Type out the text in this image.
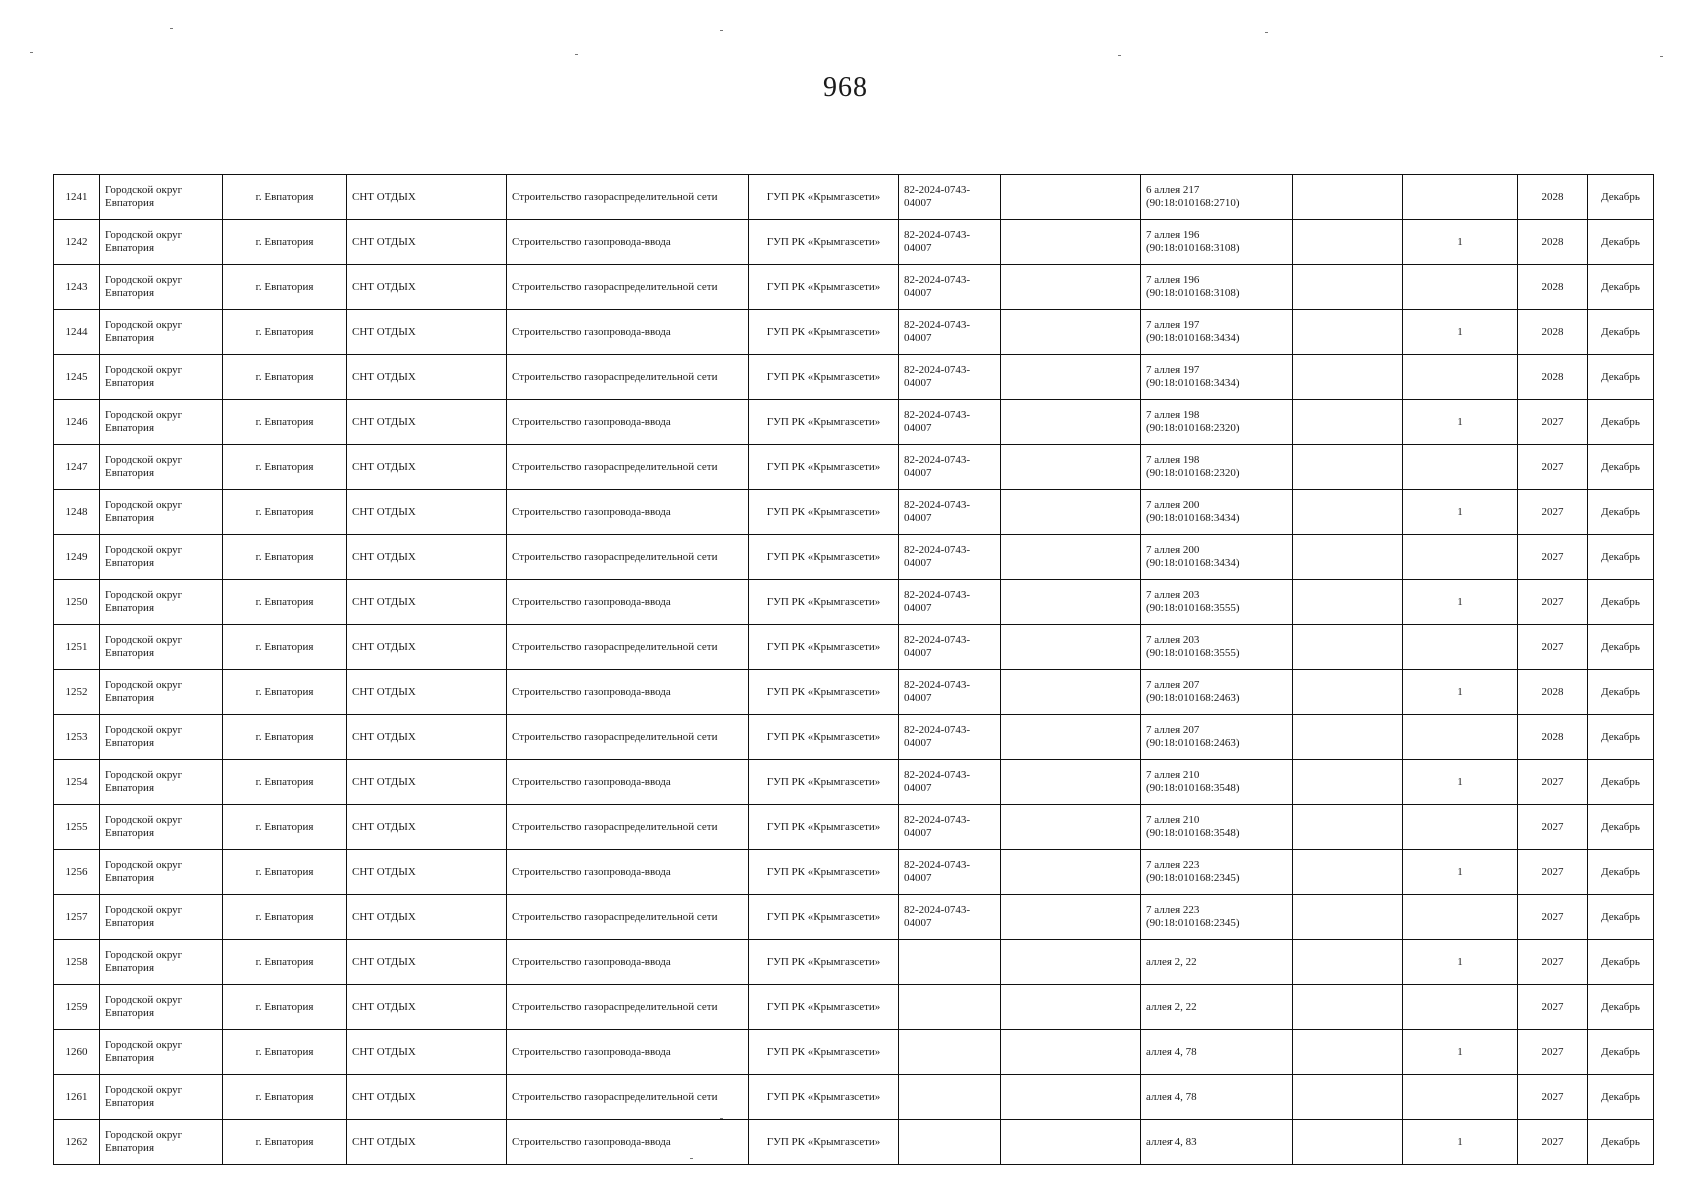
968
1241	Городской округ Евпатория	г. Евпатория	СНТ ОТДЫХ	Строительство газораспределительной сети	ГУП РК «Крымгазсети»	82-2024-0743-04007		6 аллея 217 (90:18:010168:2710)			2028	Декабрь
1242	Городской округ Евпатория	г. Евпатория	СНТ ОТДЫХ	Строительство газопровода-ввода	ГУП РК «Крымгазсети»	82-2024-0743-04007		7 аллея 196 (90:18:010168:3108)		1	2028	Декабрь
1243	Городской округ Евпатория	г. Евпатория	СНТ ОТДЫХ	Строительство газораспределительной сети	ГУП РК «Крымгазсети»	82-2024-0743-04007		7 аллея 196 (90:18:010168:3108)			2028	Декабрь
1244	Городской округ Евпатория	г. Евпатория	СНТ ОТДЫХ	Строительство газопровода-ввода	ГУП РК «Крымгазсети»	82-2024-0743-04007		7 аллея 197 (90:18:010168:3434)		1	2028	Декабрь
1245	Городской округ Евпатория	г. Евпатория	СНТ ОТДЫХ	Строительство газораспределительной сети	ГУП РК «Крымгазсети»	82-2024-0743-04007		7 аллея 197 (90:18:010168:3434)			2028	Декабрь
1246	Городской округ Евпатория	г. Евпатория	СНТ ОТДЫХ	Строительство газопровода-ввода	ГУП РК «Крымгазсети»	82-2024-0743-04007		7 аллея 198 (90:18:010168:2320)		1	2027	Декабрь
1247	Городской округ Евпатория	г. Евпатория	СНТ ОТДЫХ	Строительство газораспределительной сети	ГУП РК «Крымгазсети»	82-2024-0743-04007		7 аллея 198 (90:18:010168:2320)			2027	Декабрь
1248	Городской округ Евпатория	г. Евпатория	СНТ ОТДЫХ	Строительство газопровода-ввода	ГУП РК «Крымгазсети»	82-2024-0743-04007		7 аллея 200 (90:18:010168:3434)		1	2027	Декабрь
1249	Городской округ Евпатория	г. Евпатория	СНТ ОТДЫХ	Строительство газораспределительной сети	ГУП РК «Крымгазсети»	82-2024-0743-04007		7 аллея 200 (90:18:010168:3434)			2027	Декабрь
1250	Городской округ Евпатория	г. Евпатория	СНТ ОТДЫХ	Строительство газопровода-ввода	ГУП РК «Крымгазсети»	82-2024-0743-04007		7 аллея 203 (90:18:010168:3555)		1	2027	Декабрь
1251	Городской округ Евпатория	г. Евпатория	СНТ ОТДЫХ	Строительство газораспределительной сети	ГУП РК «Крымгазсети»	82-2024-0743-04007		7 аллея 203 (90:18:010168:3555)			2027	Декабрь
1252	Городской округ Евпатория	г. Евпатория	СНТ ОТДЫХ	Строительство газопровода-ввода	ГУП РК «Крымгазсети»	82-2024-0743-04007		7 аллея 207 (90:18:010168:2463)		1	2028	Декабрь
1253	Городской округ Евпатория	г. Евпатория	СНТ ОТДЫХ	Строительство газораспределительной сети	ГУП РК «Крымгазсети»	82-2024-0743-04007		7 аллея 207 (90:18:010168:2463)			2028	Декабрь
1254	Городской округ Евпатория	г. Евпатория	СНТ ОТДЫХ	Строительство газопровода-ввода	ГУП РК «Крымгазсети»	82-2024-0743-04007		7 аллея 210 (90:18:010168:3548)		1	2027	Декабрь
1255	Городской округ Евпатория	г. Евпатория	СНТ ОТДЫХ	Строительство газораспределительной сети	ГУП РК «Крымгазсети»	82-2024-0743-04007		7 аллея 210 (90:18:010168:3548)			2027	Декабрь
1256	Городской округ Евпатория	г. Евпатория	СНТ ОТДЫХ	Строительство газопровода-ввода	ГУП РК «Крымгазсети»	82-2024-0743-04007		7 аллея 223 (90:18:010168:2345)		1	2027	Декабрь
1257	Городской округ Евпатория	г. Евпатория	СНТ ОТДЫХ	Строительство газораспределительной сети	ГУП РК «Крымгазсети»	82-2024-0743-04007		7 аллея 223 (90:18:010168:2345)			2027	Декабрь
1258	Городской округ Евпатория	г. Евпатория	СНТ ОТДЫХ	Строительство газопровода-ввода	ГУП РК «Крымгазсети»			аллея 2, 22		1	2027	Декабрь
1259	Городской округ Евпатория	г. Евпатория	СНТ ОТДЫХ	Строительство газораспределительной сети	ГУП РК «Крымгазсети»			аллея 2, 22			2027	Декабрь
1260	Городской округ Евпатория	г. Евпатория	СНТ ОТДЫХ	Строительство газопровода-ввода	ГУП РК «Крымгазсети»			аллея 4, 78		1	2027	Декабрь
1261	Городской округ Евпатория	г. Евпатория	СНТ ОТДЫХ	Строительство газораспределительной сети	ГУП РК «Крымгазсети»			аллея 4, 78			2027	Декабрь
1262	Городской округ Евпатория	г. Евпатория	СНТ ОТДЫХ	Строительство газопровода-ввода	ГУП РК «Крымгазсети»			аллея 4, 83		1	2027	Декабрь
